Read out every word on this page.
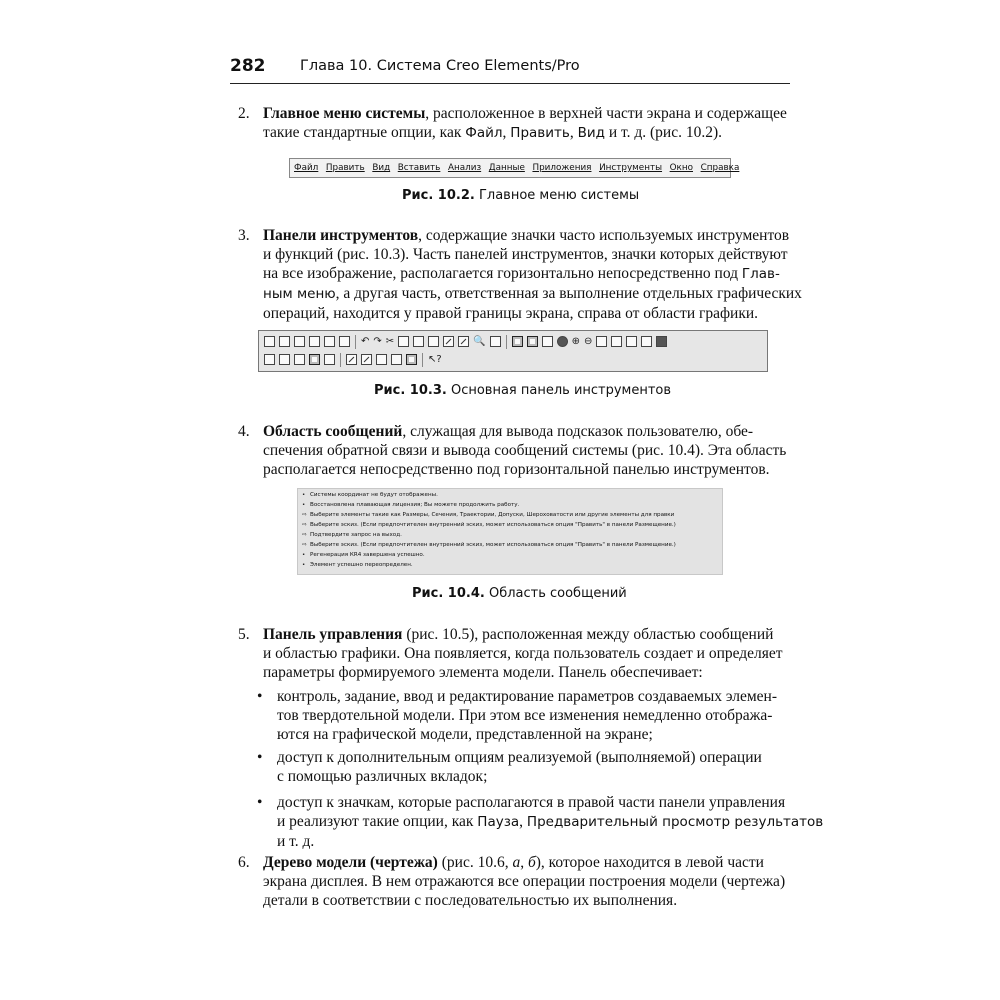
282 Глава 10. Система Creo Elements/Pro
2. Главное меню системы, расположенное в верхней части экрана и содержащее
такие стандартные опции, как Файл, Править, Вид и т. д. (рис. 10.2).
Файл Править Вид Вставить Анализ Данные Приложения Инструменты Окно Справка
Рис. 10.2. Главное меню системы
3. Панели инструментов, содержащие значки часто используемых инструментов
и функций (рис. 10.3). Часть панелей инструментов, значки которых действуют
на все изображение, располагается горизонтально непосредственно под Глав-
ным меню, а другая часть, ответственная за выполнение отдельных графических
операций, находится у правой границы экрана, справа от области графики.
↶ ↷ ✂	🔍	⊕ ⊖
↖?
Рис. 10.3. Основная панель инструментов
4. Область сообщений, служащая для вывода подсказок пользователю, обе-
спечения обратной связи и вывода сообщений системы (рис. 10.4). Эта область
располагается непосредственно под горизонтальной панелью инструментов.
• Системы координат не будут отображены.
• Восстановлена плавающая лицензия; Вы можете продолжить работу.
⇨ Выберите элементы такие как Размеры, Сечения, Траектории, Допуски, Шероховатости или другие элементы для правки
⇨ Выберите эскиз. (Если предпочтителен внутренний эскиз, может использоваться опция "Править" в панели Размещение.)
⇨ Подтвердите запрос на выход.
⇨ Выберите эскиз. (Если предпочтителен внутренний эскиз, может использоваться опция "Править" в панели Размещение.)
• Регенерация КR4 завершена успешно.
• Элемент успешно переопределен.
Рис. 10.4. Область сообщений
5. Панель управления (рис. 10.5), расположенная между областью сообщений
и областью графики. Она появляется, когда пользователь создает и определяет
параметры формируемого элемента модели. Панель обеспечивает:
• контроль, задание, ввод и редактирование параметров создаваемых элемен-
тов твердотельной модели. При этом все изменения немедленно отобража-
ются на графической модели, представленной на экране;
• доступ к дополнительным опциям реализуемой (выполняемой) операции
с помощью различных вкладок;
• доступ к значкам, которые располагаются в правой части панели управления
и реализуют такие опции, как Пауза, Предварительный просмотр результатов
и т. д.
6. Дерево модели (чертежа) (рис. 10.6, а, б), которое находится в левой части
экрана дисплея. В нем отражаются все операции построения модели (чертежа)
детали в соответствии с последовательностью их выполнения.
